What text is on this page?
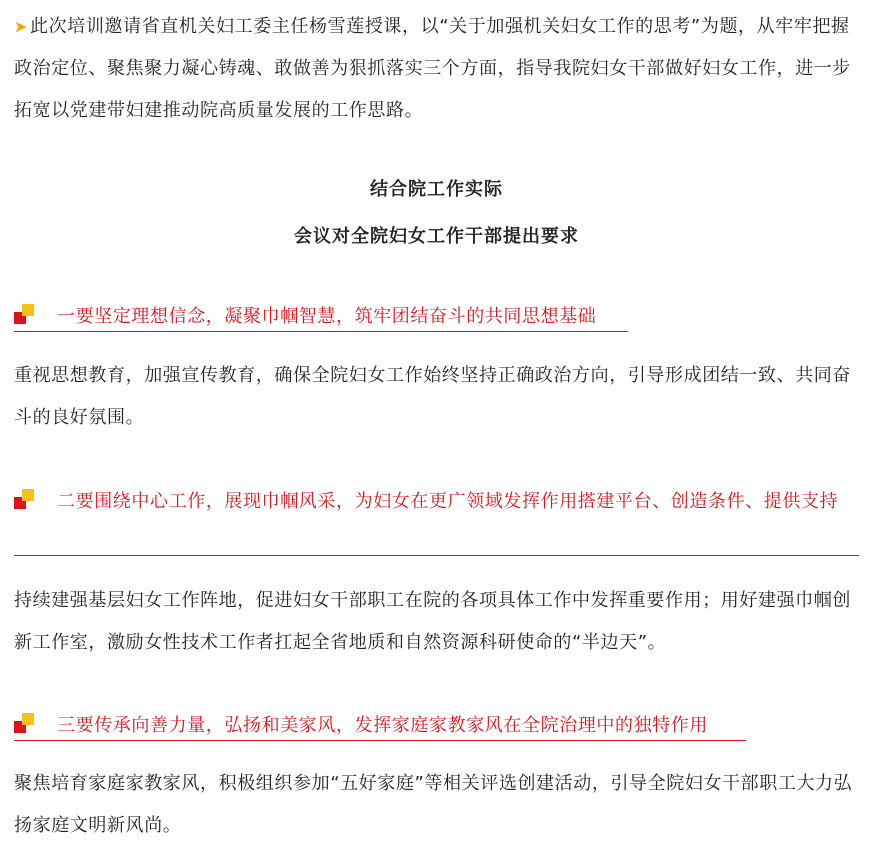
➤ 此次培训邀请省直机关妇工委主任杨雪莲授课，以“关于加强机关妇女工作的思考”为题，从牢牢把握政治定位、聚焦聚力凝心铸魂、敢做善为狠抓落实三个方面，指导我院妇女干部做好妇女工作，进一步拓宽以党建带妇建推动院高质量发展的工作思路。

结合院工作实际

会议对全院妇女工作干部提出要求

一要坚定理想信念，凝聚巾帼智慧，筑牢团结奋斗的共同思想基础

重视思想教育，加强宣传教育，确保全院妇女工作始终坚持正确政治方向，引导形成团结一致、共同奋斗的良好氛围。

二要围绕中心工作，展现巾帼风采，为妇女在更广领域发挥作用搭建平台、创造条件、提供支持

持续建强基层妇女工作阵地，促进妇女干部职工在院的各项具体工作中发挥重要作用；用好建强巾帼创新工作室，激励女性技术工作者扛起全省地质和自然资源科研使命的“半边天”。

三要传承向善力量，弘扬和美家风，发挥家庭家教家风在全院治理中的独特作用

聚焦培育家庭家教家风，积极组织参加“五好家庭”等相关评选创建活动，引导全院妇女干部职工大力弘扬家庭文明新风尚。
